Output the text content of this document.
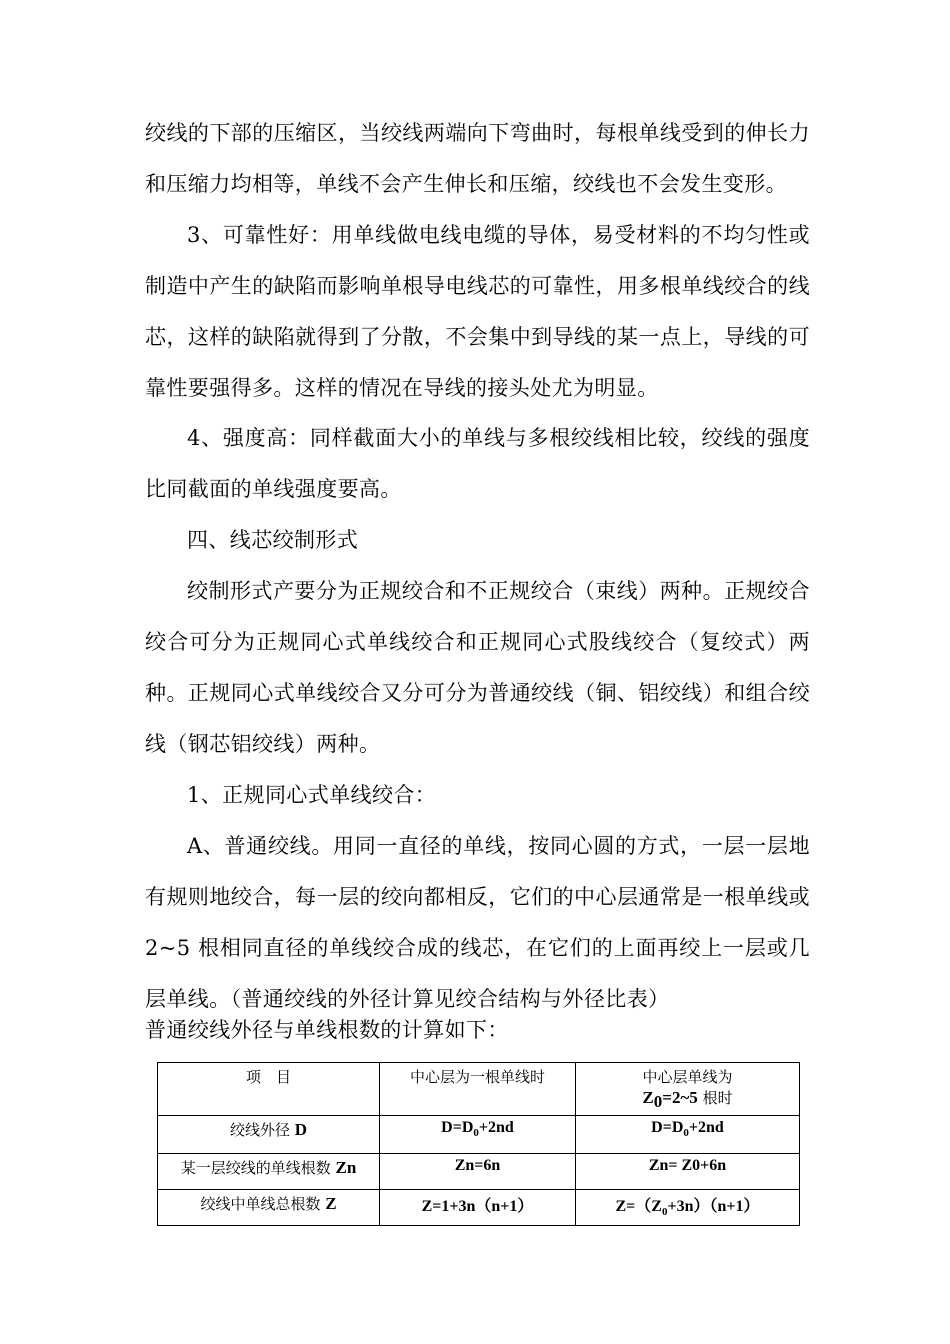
绞线的下部的压缩区，当绞线两端向下弯曲时，每根单线受到的伸长力和压缩力均相等，单线不会产生伸长和压缩，绞线也不会发生变形。

3、可靠性好：用单线做电线电缆的导体，易受材料的不均匀性或制造中产生的缺陷而影响单根导电线芯的可靠性，用多根单线绞合的线芯，这样的缺陷就得到了分散，不会集中到导线的某一点上，导线的可靠性要强得多。这样的情况在导线的接头处尤为明显。

4、强度高：同样截面大小的单线与多根绞线相比较，绞线的强度比同截面的单线强度要高。

四、线芯绞制形式

绞制形式产要分为正规绞合和不正规绞合（束线）两种。正规绞合绞合可分为正规同心式单线绞合和正规同心式股线绞合（复绞式）两种。正规同心式单线绞合又分可分为普通绞线（铜、铝绞线）和组合绞线（钢芯铝绞线）两种。

1、正规同心式单线绞合：

A、普通绞线。用同一直径的单线，按同心圆的方式，一层一层地有规则地绞合，每一层的绞向都相反，它们的中心层通常是一根单线或 2~5 根相同直径的单线绞合成的线芯，在它们的上面再绞上一层或几层单线。（普通绞线的外径计算见绞合结构与外径比表）

普通绞线外径与单线根数的计算如下：

项　目	中心层为一根单线时	中心层单线为
$Z_0=2\sim 5$ 根时

绞线外径 D	$D=D_0+2nd$	$D=D_0+2nd$
某一层绞线的单线根数 Zn	Zn=6n	Zn= Z0+6n
绞线中单线总根数 Z	Z=1+3n（n+1）	$Z=(Z_0+3n)(n+1)$
